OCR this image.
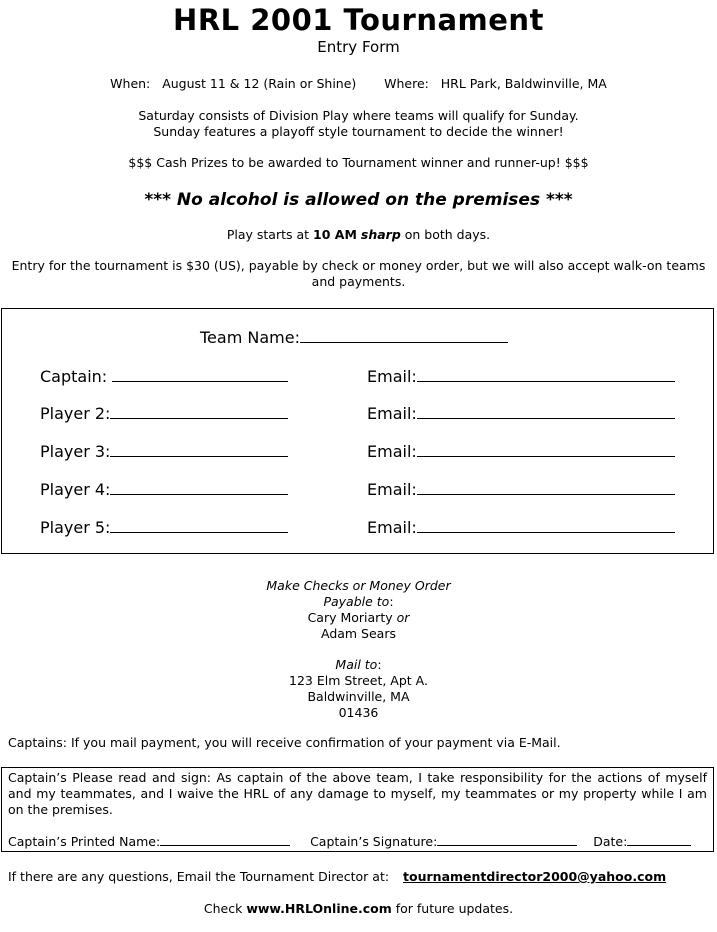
HRL 2001 Tournament
Entry Form
When: August 11 & 12 (Rain or Shine) Where: HRL Park, Baldwinville, MA
Saturday consists of Division Play where teams will qualify for Sunday.
Sunday features a playoff style tournament to decide the winner!
$$$ Cash Prizes to be awarded to Tournament winner and runner-up! $$$
*** No alcohol is allowed on the premises ***
Play starts at 10 AM sharp on both days.
Entry for the tournament is $30 (US), payable by check or money order, but we will also accept walk-on teams and payments.
Team Name:
Captain:	Email:
Player 2:	Email:
Player 3:	Email:
Player 4:	Email:
Player 5:	Email:
Make Checks or Money Order
Payable to:
Cary Moriarty or
Adam Sears
Mail to:
123 Elm Street, Apt A.
Baldwinville, MA
01436
Captains: If you mail payment, you will receive confirmation of your payment via E-Mail.
Captain’s Please read and sign: As captain of the above team, I take responsibility for the actions of myself and my teammates, and I waive the HRL of any damage to myself, my teammates or my property while I am on the premises.
Captain’s Printed Name:	Captain’s Signature:	Date:
If there are any questions, Email the Tournament Director at: tournamentdirector2000@yahoo.com
Check www.HRLOnline.com for future updates.
